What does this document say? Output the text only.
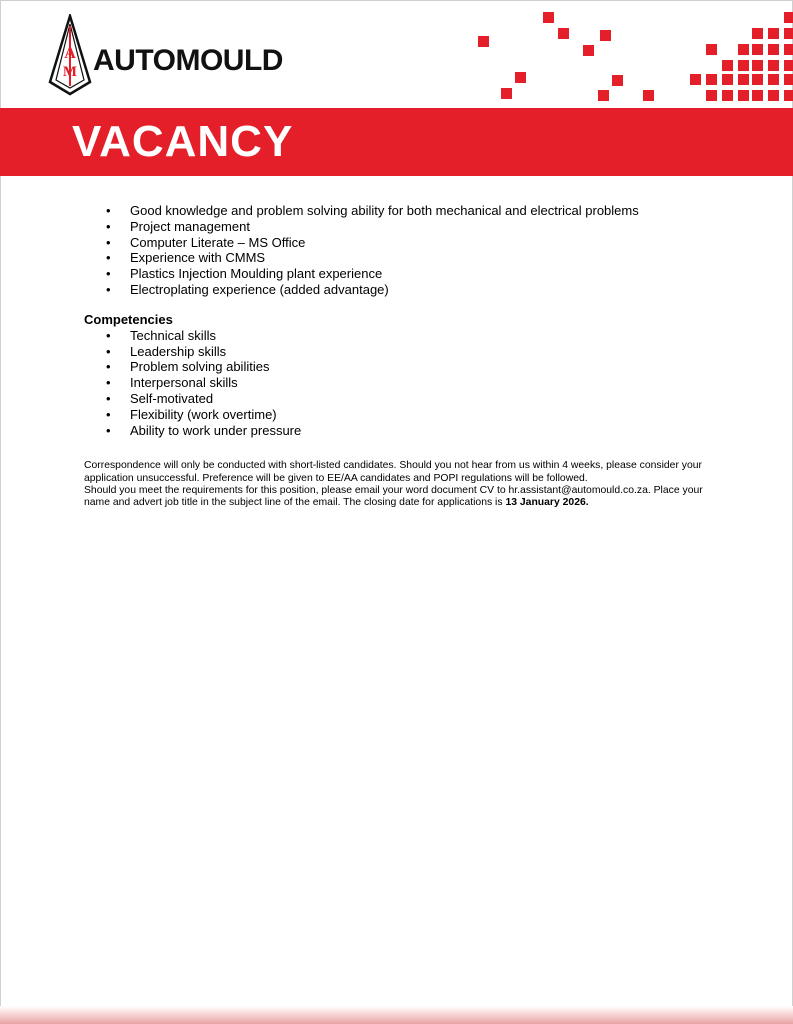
A
M AUTOMOULD
VACANCY
• Good knowledge and problem solving ability for both mechanical and electrical problems
• Project management
• Computer Literate – MS Office
• Experience with CMMS
• Plastics Injection Moulding plant experience
• Electroplating experience (added advantage)
Competencies
• Technical skills
• Leadership skills
• Problem solving abilities
• Interpersonal skills
• Self-motivated
• Flexibility (work overtime)
• Ability to work under pressure

Correspondence will only be conducted with short-listed candidates. Should you not hear from us within 4 weeks, please consider your application unsuccessful. Preference will be given to EE/AA candidates and POPI regulations will be followed.

Should you meet the requirements for this position, please email your word document CV to hr.assistant@automould.co.za. Place your name and advert job title in the subject line of the email. The closing date for applications is 13 January 2026.
